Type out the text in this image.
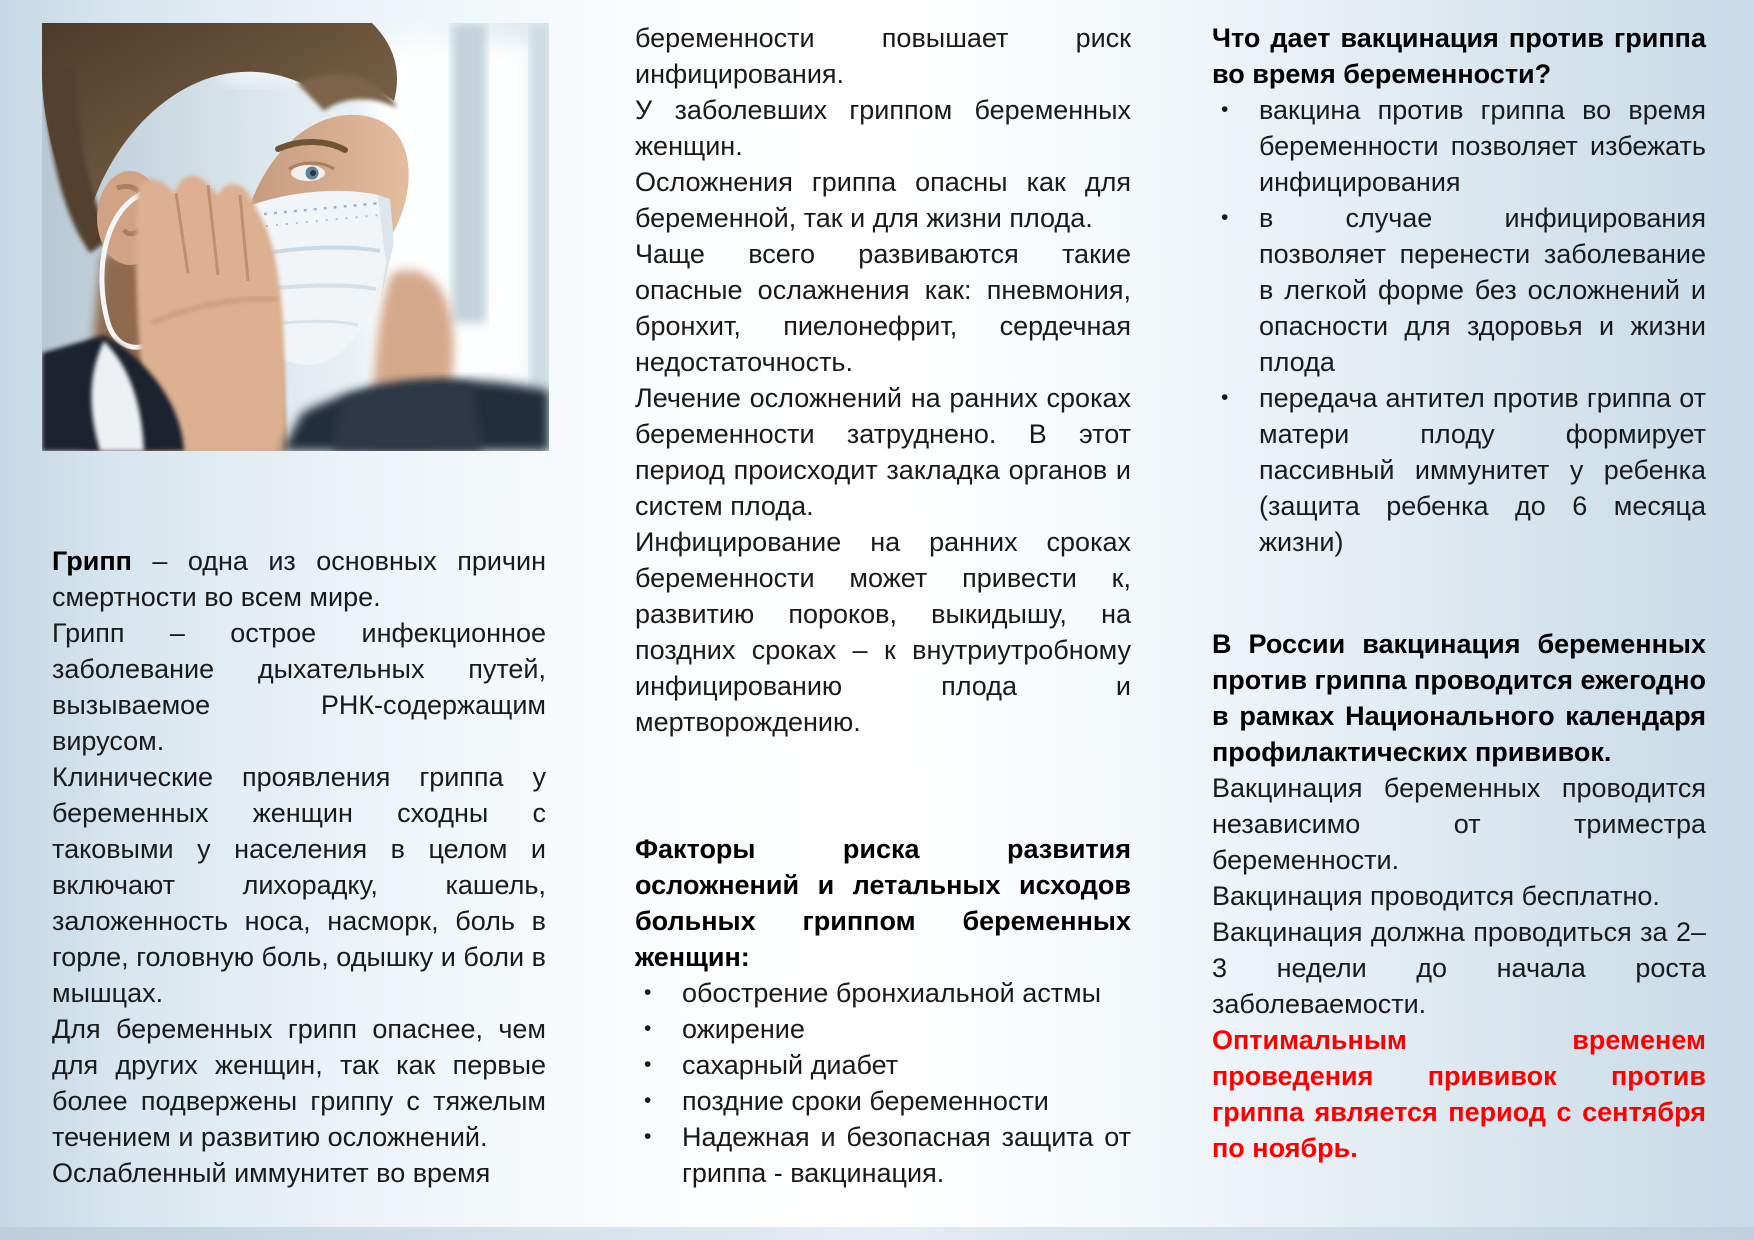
Грипп – одна из основных причин смертности во всем мире.

Грипп – острое инфекционное заболевание дыхательных путей, вызываемое РНК-содержащим вирусом.

Клинические проявления гриппа у беременных женщин сходны с таковыми у населения в целом и включают лихорадку, кашель, заложенность носа, насморк, боль в горле, головную боль, одышку и боли в мышцах.

Для беременных грипп опаснее, чем для других женщин, так как первые более подвержены гриппу с тяжелым течением и развитию осложнений.

Ослабленный иммунитет во время

беременности повышает риск инфицирования.

У заболевших гриппом беременных женщин.

Осложнения гриппа опасны как для беременной, так и для жизни плода.

Чаще всего развиваются такие опасные ослажнения как: пневмония, бронхит, пиелонефрит, сердечная недостаточность.

Лечение осложнений на ранних сроках беременности затруднено. В этот период происходит закладка органов и систем плода.

Инфицирование на ранних сроках беременности может привести к, развитию пороков, выкидышу, на поздних сроках – к внутриутробному инфицированию плода и мертворождению.

Факторы риска развития осложнений и летальных исходов больных гриппом беременных женщин:

•	обострение бронхиальной астмы
•	ожирение
•	сахарный диабет
•	поздние сроки беременности
•	Надежная и безопасная защита от гриппа - вакцинация.

Что дает вакцинация против гриппа во время беременности?

•	вакцина против гриппа во время беременности позволяет избежать инфицирования
•	в случае инфицирования позволяет перенести заболевание в легкой форме без осложнений и опасности для здоровья и жизни плода
•	передача антител против гриппа от матери плоду формирует пассивный иммунитет у ребенка (защита ребенка до 6 месяца жизни)

В России вакцинация беременных против гриппа проводится ежегодно в рамках Национального календаря профилактических прививок.

Вакцинация беременных проводится независимо от триместра беременности.

Вакцинация проводится бесплатно.

Вакцинация должна проводиться за 2–3 недели до начала роста заболеваемости.

Оптимальным временем проведения прививок против гриппа является период с сентября по ноябрь.
